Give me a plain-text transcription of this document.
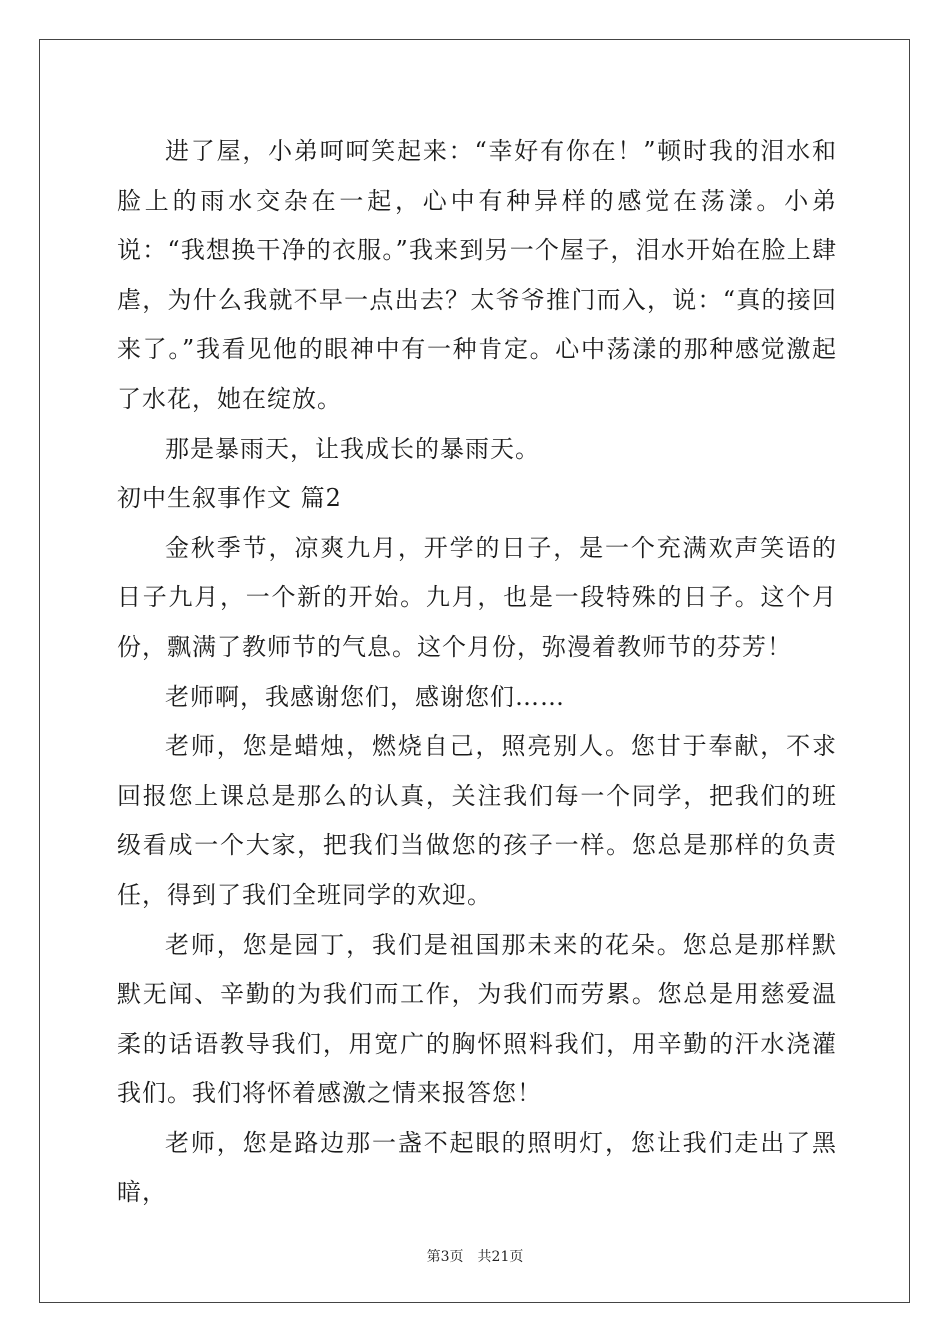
进了屋，小弟呵呵笑起来：“幸好有你在！”顿时我的泪水和脸上的雨水交杂在一起，心中有种异样的感觉在荡漾。小弟说：“我想换干净的衣服。”我来到另一个屋子，泪水开始在脸上肆虐，为什么我就不早一点出去？太爷爷推门而入，说：“真的接回来了。”我看见他的眼神中有一种肯定。心中荡漾的那种感觉激起了水花，她在绽放。

那是暴雨天，让我成长的暴雨天。

初中生叙事作文 篇2

金秋季节，凉爽九月，开学的日子，是一个充满欢声笑语的日子九月，一个新的开始。九月，也是一段特殊的日子。这个月份，飘满了教师节的气息。这个月份，弥漫着教师节的芬芳！

老师啊，我感谢您们，感谢您们……

老师，您是蜡烛，燃烧自己，照亮别人。您甘于奉献，不求回报您上课总是那么的认真，关注我们每一个同学，把我们的班级看成一个大家，把我们当做您的孩子一样。您总是那样的负责任，得到了我们全班同学的欢迎。

老师，您是园丁，我们是祖国那未来的花朵。您总是那样默默无闻、辛勤的为我们而工作，为我们而劳累。您总是用慈爱温柔的话语教导我们，用宽广的胸怀照料我们，用辛勤的汗水浇灌我们。我们将怀着感激之情来报答您！

老师，您是路边那一盏不起眼的照明灯，您让我们走出了黑暗，

第3页　共21页
